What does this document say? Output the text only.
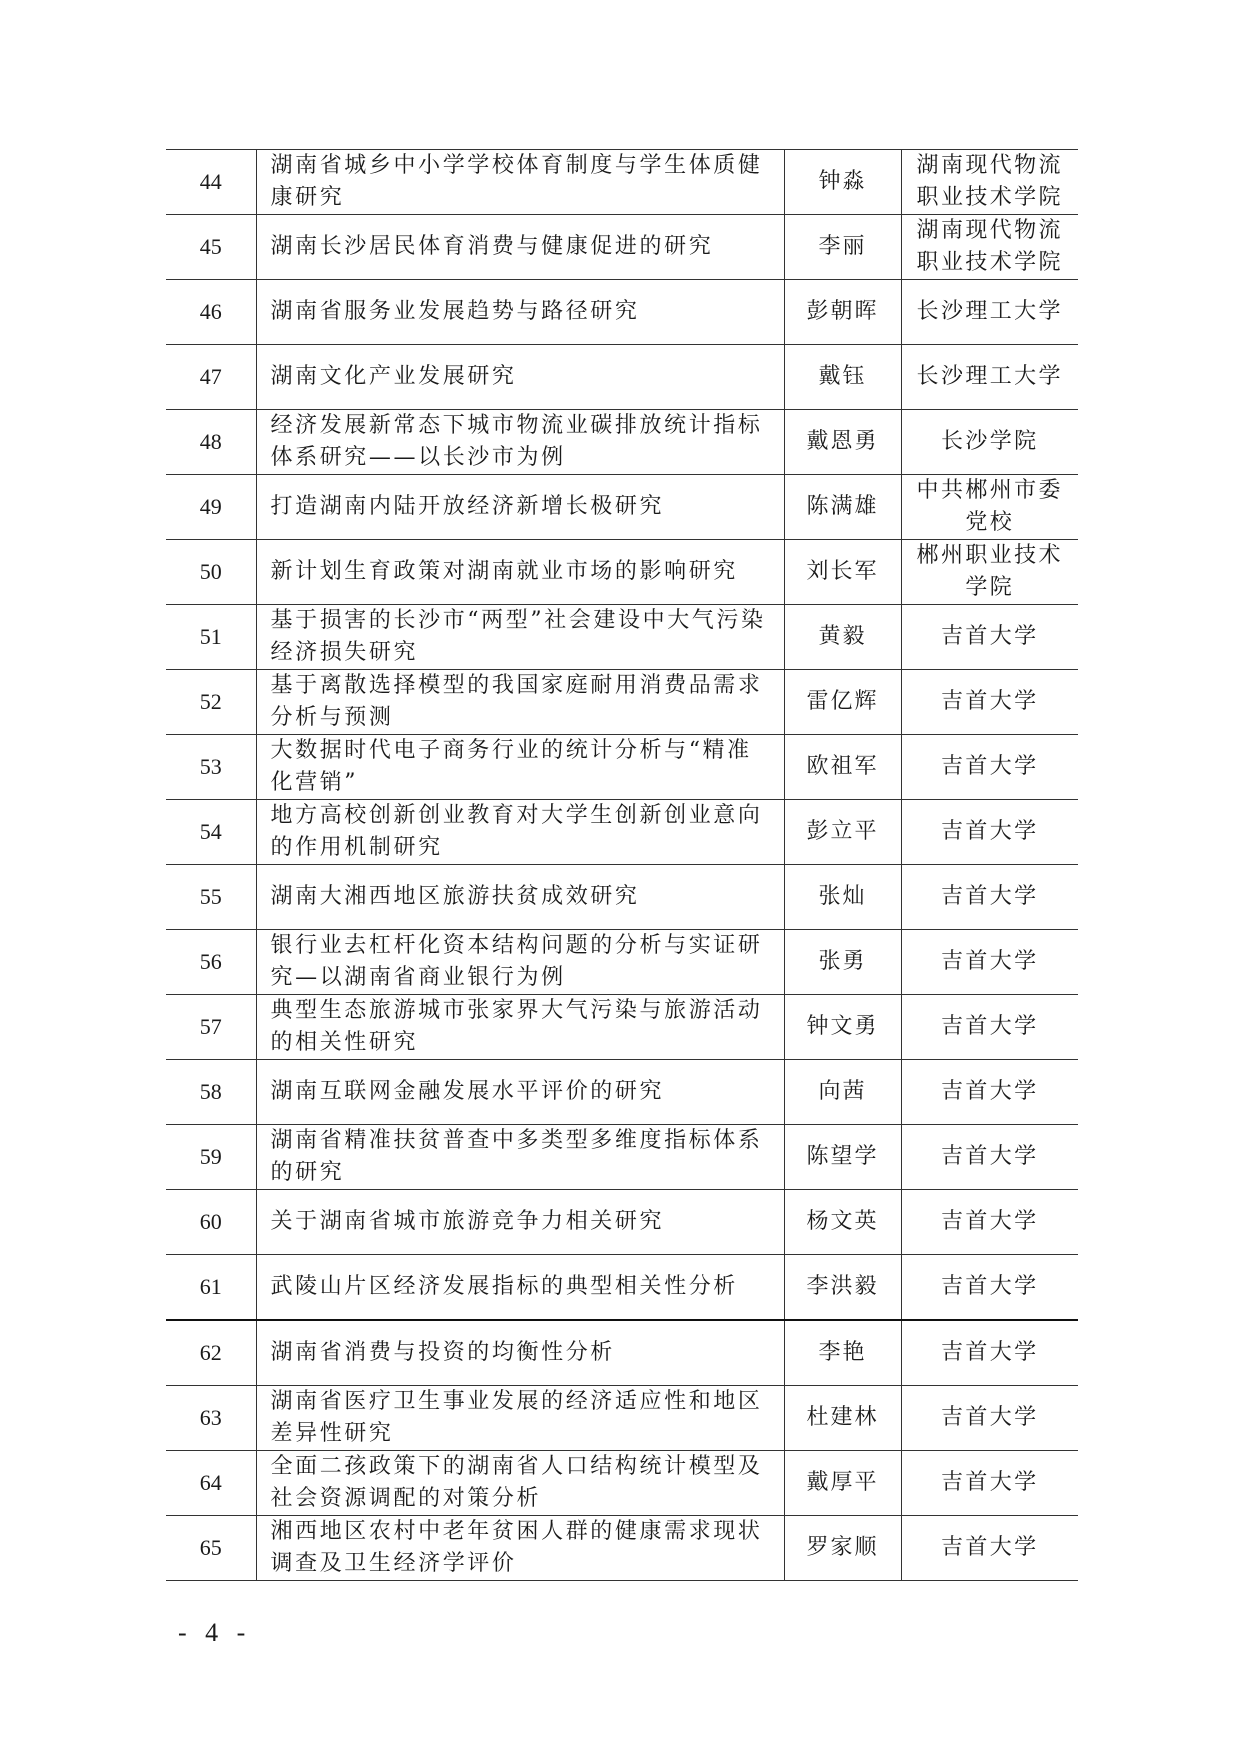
44	湖南省城乡中小学学校体育制度与学生体质健康研究	钟淼	湖南现代物流职业技术学院
45	湖南长沙居民体育消费与健康促进的研究	李丽	湖南现代物流职业技术学院
46	湖南省服务业发展趋势与路径研究	彭朝晖	长沙理工大学
47	湖南文化产业发展研究	戴钰	长沙理工大学
48	经济发展新常态下城市物流业碳排放统计指标体系研究——以长沙市为例	戴恩勇	长沙学院
49	打造湖南内陆开放经济新增长极研究	陈满雄	中共郴州市委党校
50	新计划生育政策对湖南就业市场的影响研究	刘长军	郴州职业技术学院
51	基于损害的长沙市“两型”社会建设中大气污染经济损失研究	黄毅	吉首大学
52	基于离散选择模型的我国家庭耐用消费品需求分析与预测	雷亿辉	吉首大学
53	大数据时代电子商务行业的统计分析与“精准化营销”	欧祖军	吉首大学
54	地方高校创新创业教育对大学生创新创业意向的作用机制研究	彭立平	吉首大学
55	湖南大湘西地区旅游扶贫成效研究	张灿	吉首大学
56	银行业去杠杆化资本结构问题的分析与实证研究—以湖南省商业银行为例	张勇	吉首大学
57	典型生态旅游城市张家界大气污染与旅游活动的相关性研究	钟文勇	吉首大学
58	湖南互联网金融发展水平评价的研究	向茜	吉首大学
59	湖南省精准扶贫普查中多类型多维度指标体系的研究	陈望学	吉首大学
60	关于湖南省城市旅游竞争力相关研究	杨文英	吉首大学
61	武陵山片区经济发展指标的典型相关性分析	李洪毅	吉首大学
62	湖南省消费与投资的均衡性分析	李艳	吉首大学
63	湖南省医疗卫生事业发展的经济适应性和地区差异性研究	杜建林	吉首大学
64	全面二孩政策下的湖南省人口结构统计模型及社会资源调配的对策分析	戴厚平	吉首大学
65	湘西地区农村中老年贫困人群的健康需求现状调查及卫生经济学评价	罗家顺	吉首大学
- 4 -
